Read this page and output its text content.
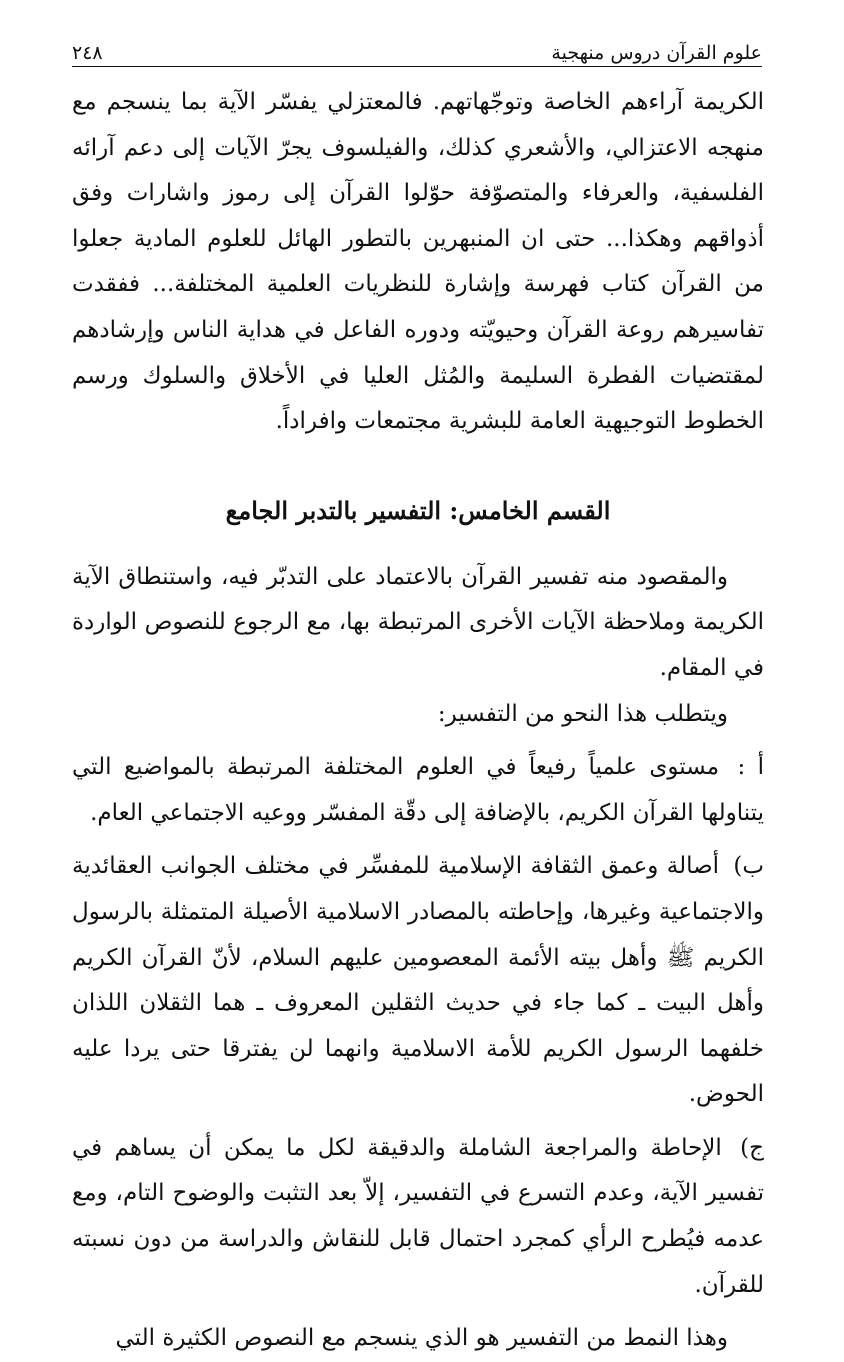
علوم القرآن دروس منهجية
٢٤٨

الكريمة آراءهم الخاصة وتوجّهاتهم. فالمعتزلي يفسّر الآية بما ينسجم مع منهجه الاعتزالي، والأشعري كذلك، والفيلسوف يجرّ الآيات إلى دعم آرائه الفلسفية، والعرفاء والمتصوّفة حوّلوا القرآن إلى رموز واشارات وفق أذواقهم وهكذا... حتى ان المنبهرين بالتطور الهائل للعلوم المادية جعلوا من القرآن كتاب فهرسة وإشارة للنظريات العلمية المختلفة... ففقدت تفاسيرهم روعة القرآن وحيويّته ودوره الفاعل في هداية الناس وإرشادهم لمقتضيات الفطرة السليمة والمُثل العليا في الأخلاق والسلوك ورسم الخطوط التوجيهية العامة للبشرية مجتمعات وافراداً.

القسم الخامس: التفسير بالتدبر الجامع

والمقصود منه تفسير القرآن بالاعتماد على التدبّر فيه، واستنطاق الآية الكريمة وملاحظة الآيات الأخرى المرتبطة بها، مع الرجوع للنصوص الواردة في المقام.

ويتطلب هذا النحو من التفسير:

أ : مستوى علمياً رفيعاً في العلوم المختلفة المرتبطة بالمواضيع التي يتناولها القرآن الكريم، بالإضافة إلى دقّة المفسّر ووعيه الاجتماعي العام.

ب) أصالة وعمق الثقافة الإسلامية للمفسِّر في مختلف الجوانب العقائدية والاجتماعية وغيرها، وإحاطته بالمصادر الاسلامية الأصيلة المتمثلة بالرسول الكريم ﷺ وأهل بيته الأئمة المعصومين عليهم السلام، لأنّ القرآن الكريم وأهل البيت ـ كما جاء في حديث الثقلين المعروف ـ هما الثقلان اللذان خلفهما الرسول الكريم للأمة الاسلامية وانهما لن يفترقا حتى يردا عليه الحوض.

ج) الإحاطة والمراجعة الشاملة والدقيقة لكل ما يمكن أن يساهم في تفسير الآية، وعدم التسرع في التفسير، إلاّ بعد التثبت والوضوح التام، ومع عدمه فيُطرح الرأي كمجرد احتمال قابل للنقاش والدراسة من دون نسبته للقرآن.

وهذا النمط من التفسير هو الذي ينسجم مع النصوص الكثيرة التي
